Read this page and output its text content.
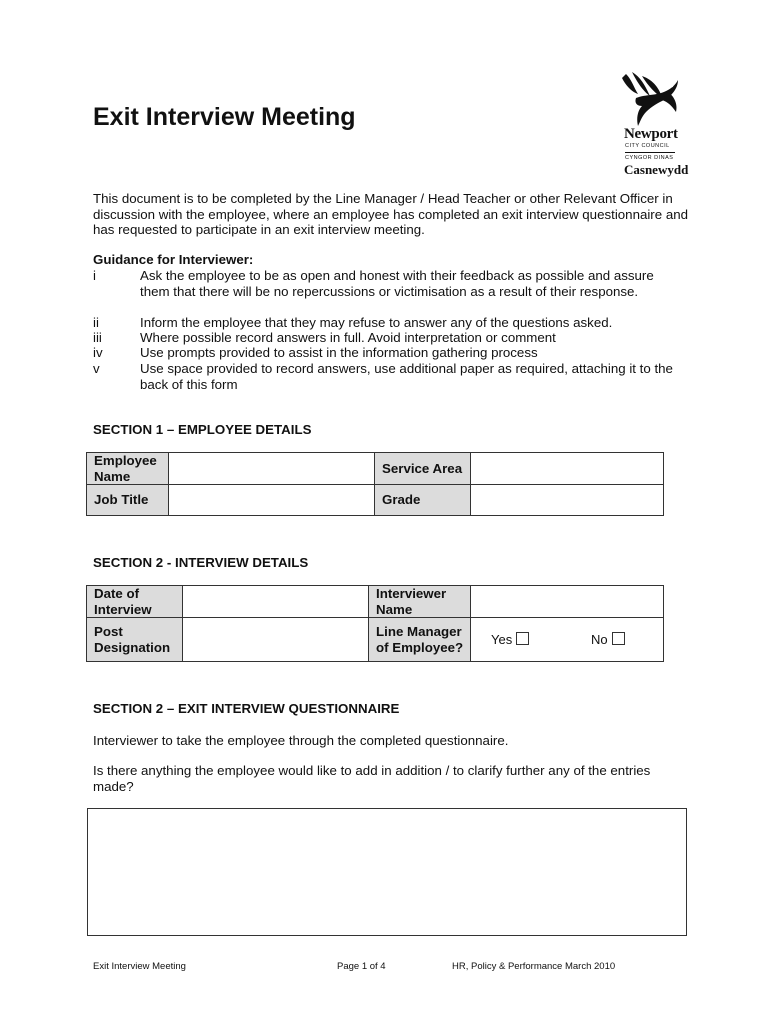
Exit Interview Meeting
Newport
CITY COUNCIL
CYNGOR DINAS
Casnewydd

This document is to be completed by the Line Manager / Head Teacher or other Relevant Officer in discussion with the employee, where an employee has completed an exit interview questionnaire and has requested to participate in an exit interview meeting.

Guidance for Interviewer:
i	Ask the employee to be as open and honest with their feedback as possible and assure them that there will be no repercussions or victimisation as a result of their response.
ii	Inform the employee that they may refuse to answer any of the questions asked.
iii	Where possible record answers in full. Avoid interpretation or comment
iv	Use prompts provided to assist in the information gathering process
v	Use space provided to record answers, use additional paper as required, attaching it to the back of this form
SECTION 1 – EMPLOYEE DETAILS
Employee Name		Service Area	
Job Title		Grade	
SECTION 2 - INTERVIEW DETAILS
Date of Interview		Interviewer Name	
Post Designation		Line Manager of Employee?	Yes No
SECTION 2 – EXIT INTERVIEW QUESTIONNAIRE

Interviewer to take the employee through the completed questionnaire.

Is there anything the employee would like to add in addition / to clarify further any of the entries made?

Exit Interview Meeting	Page 1 of 4	HR, Policy & Performance March 2010
